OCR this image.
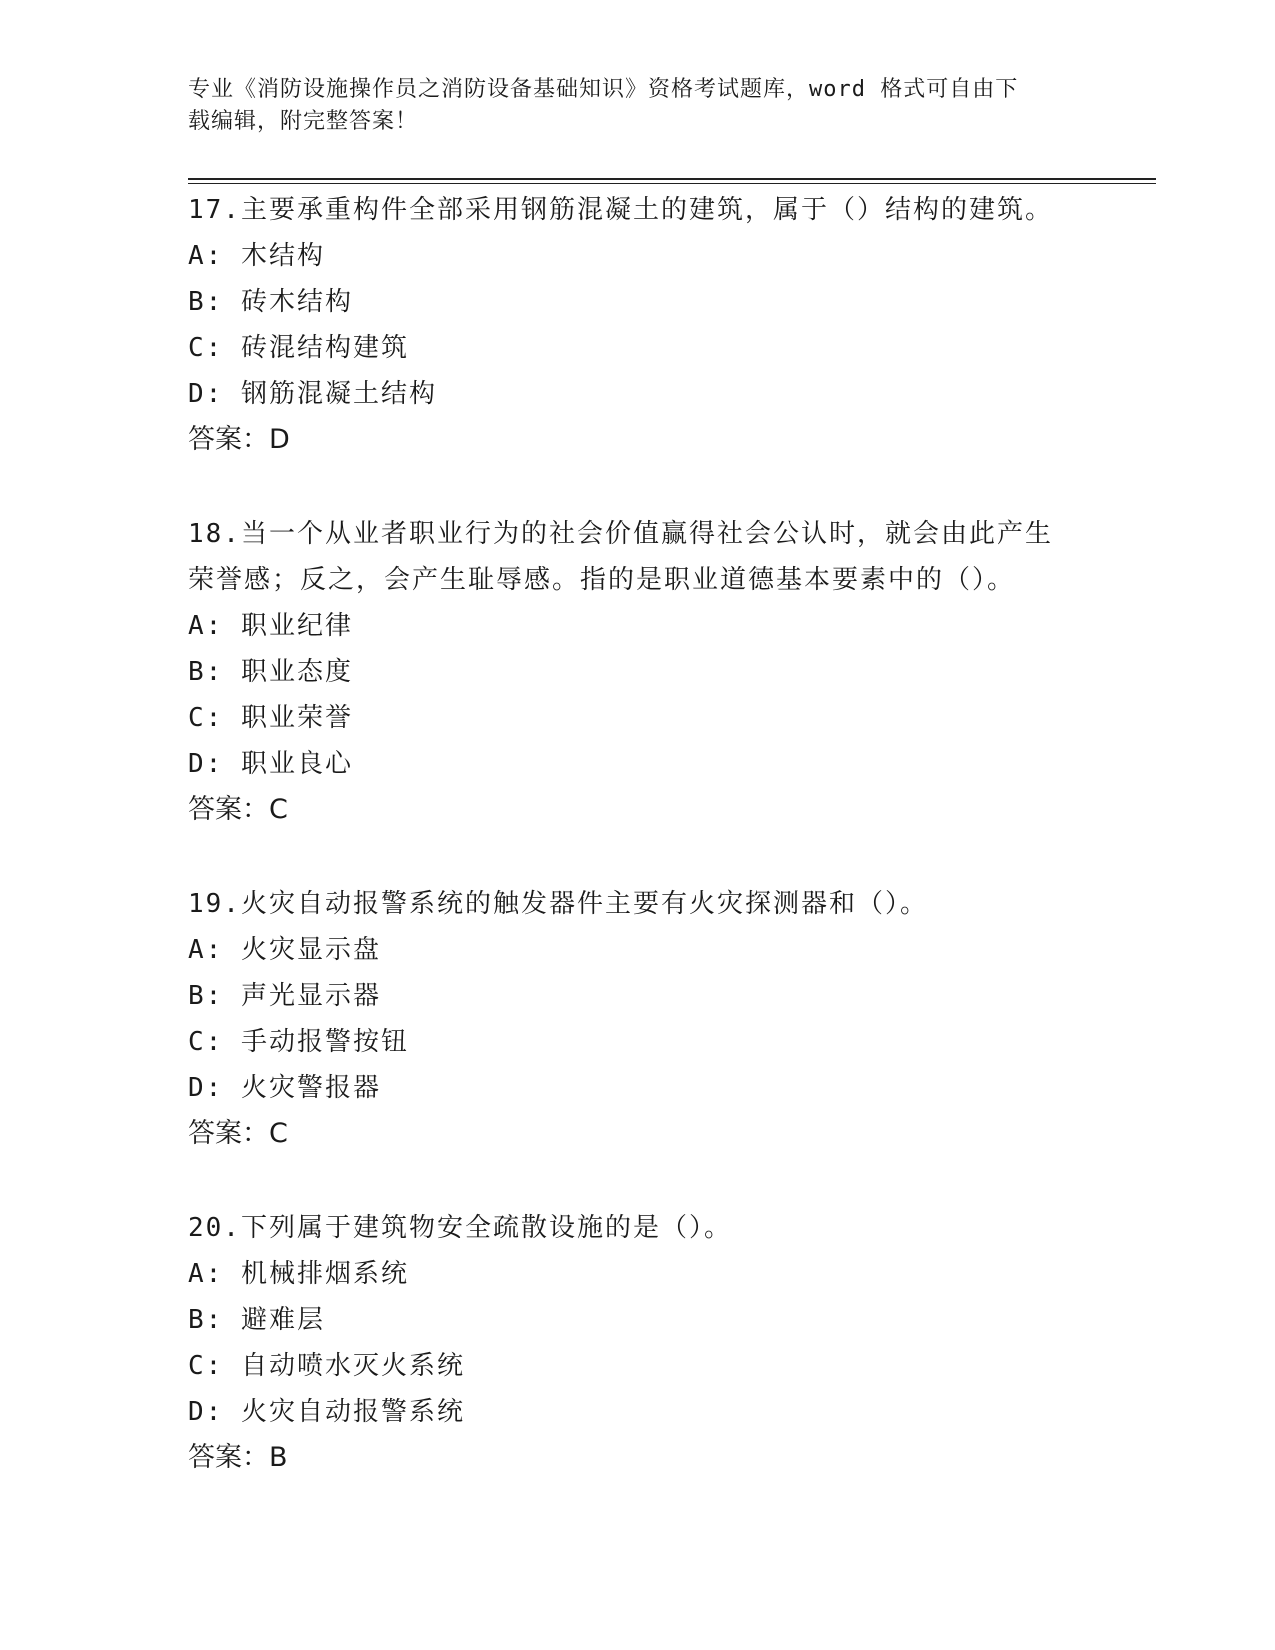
专业《消防设施操作员之消防设备基础知识》资格考试题库，word 格式可自由下
载编辑，附完整答案！

17.主要承重构件全部采用钢筋混凝土的建筑，属于（）结构的建筑。

A: 木结构

B: 砖木结构

C: 砖混结构建筑

D: 钢筋混凝土结构

答案：D

18.当一个从业者职业行为的社会价值赢得社会公认时，就会由此产生

荣誉感；反之，会产生耻辱感。指的是职业道德基本要素中的（）。

A: 职业纪律

B: 职业态度

C: 职业荣誉

D: 职业良心

答案：C

19.火灾自动报警系统的触发器件主要有火灾探测器和（）。

A: 火灾显示盘

B: 声光显示器

C: 手动报警按钮

D: 火灾警报器

答案：C

20.下列属于建筑物安全疏散设施的是（）。

A: 机械排烟系统

B: 避难层

C: 自动喷水灭火系统

D: 火灾自动报警系统

答案：B
